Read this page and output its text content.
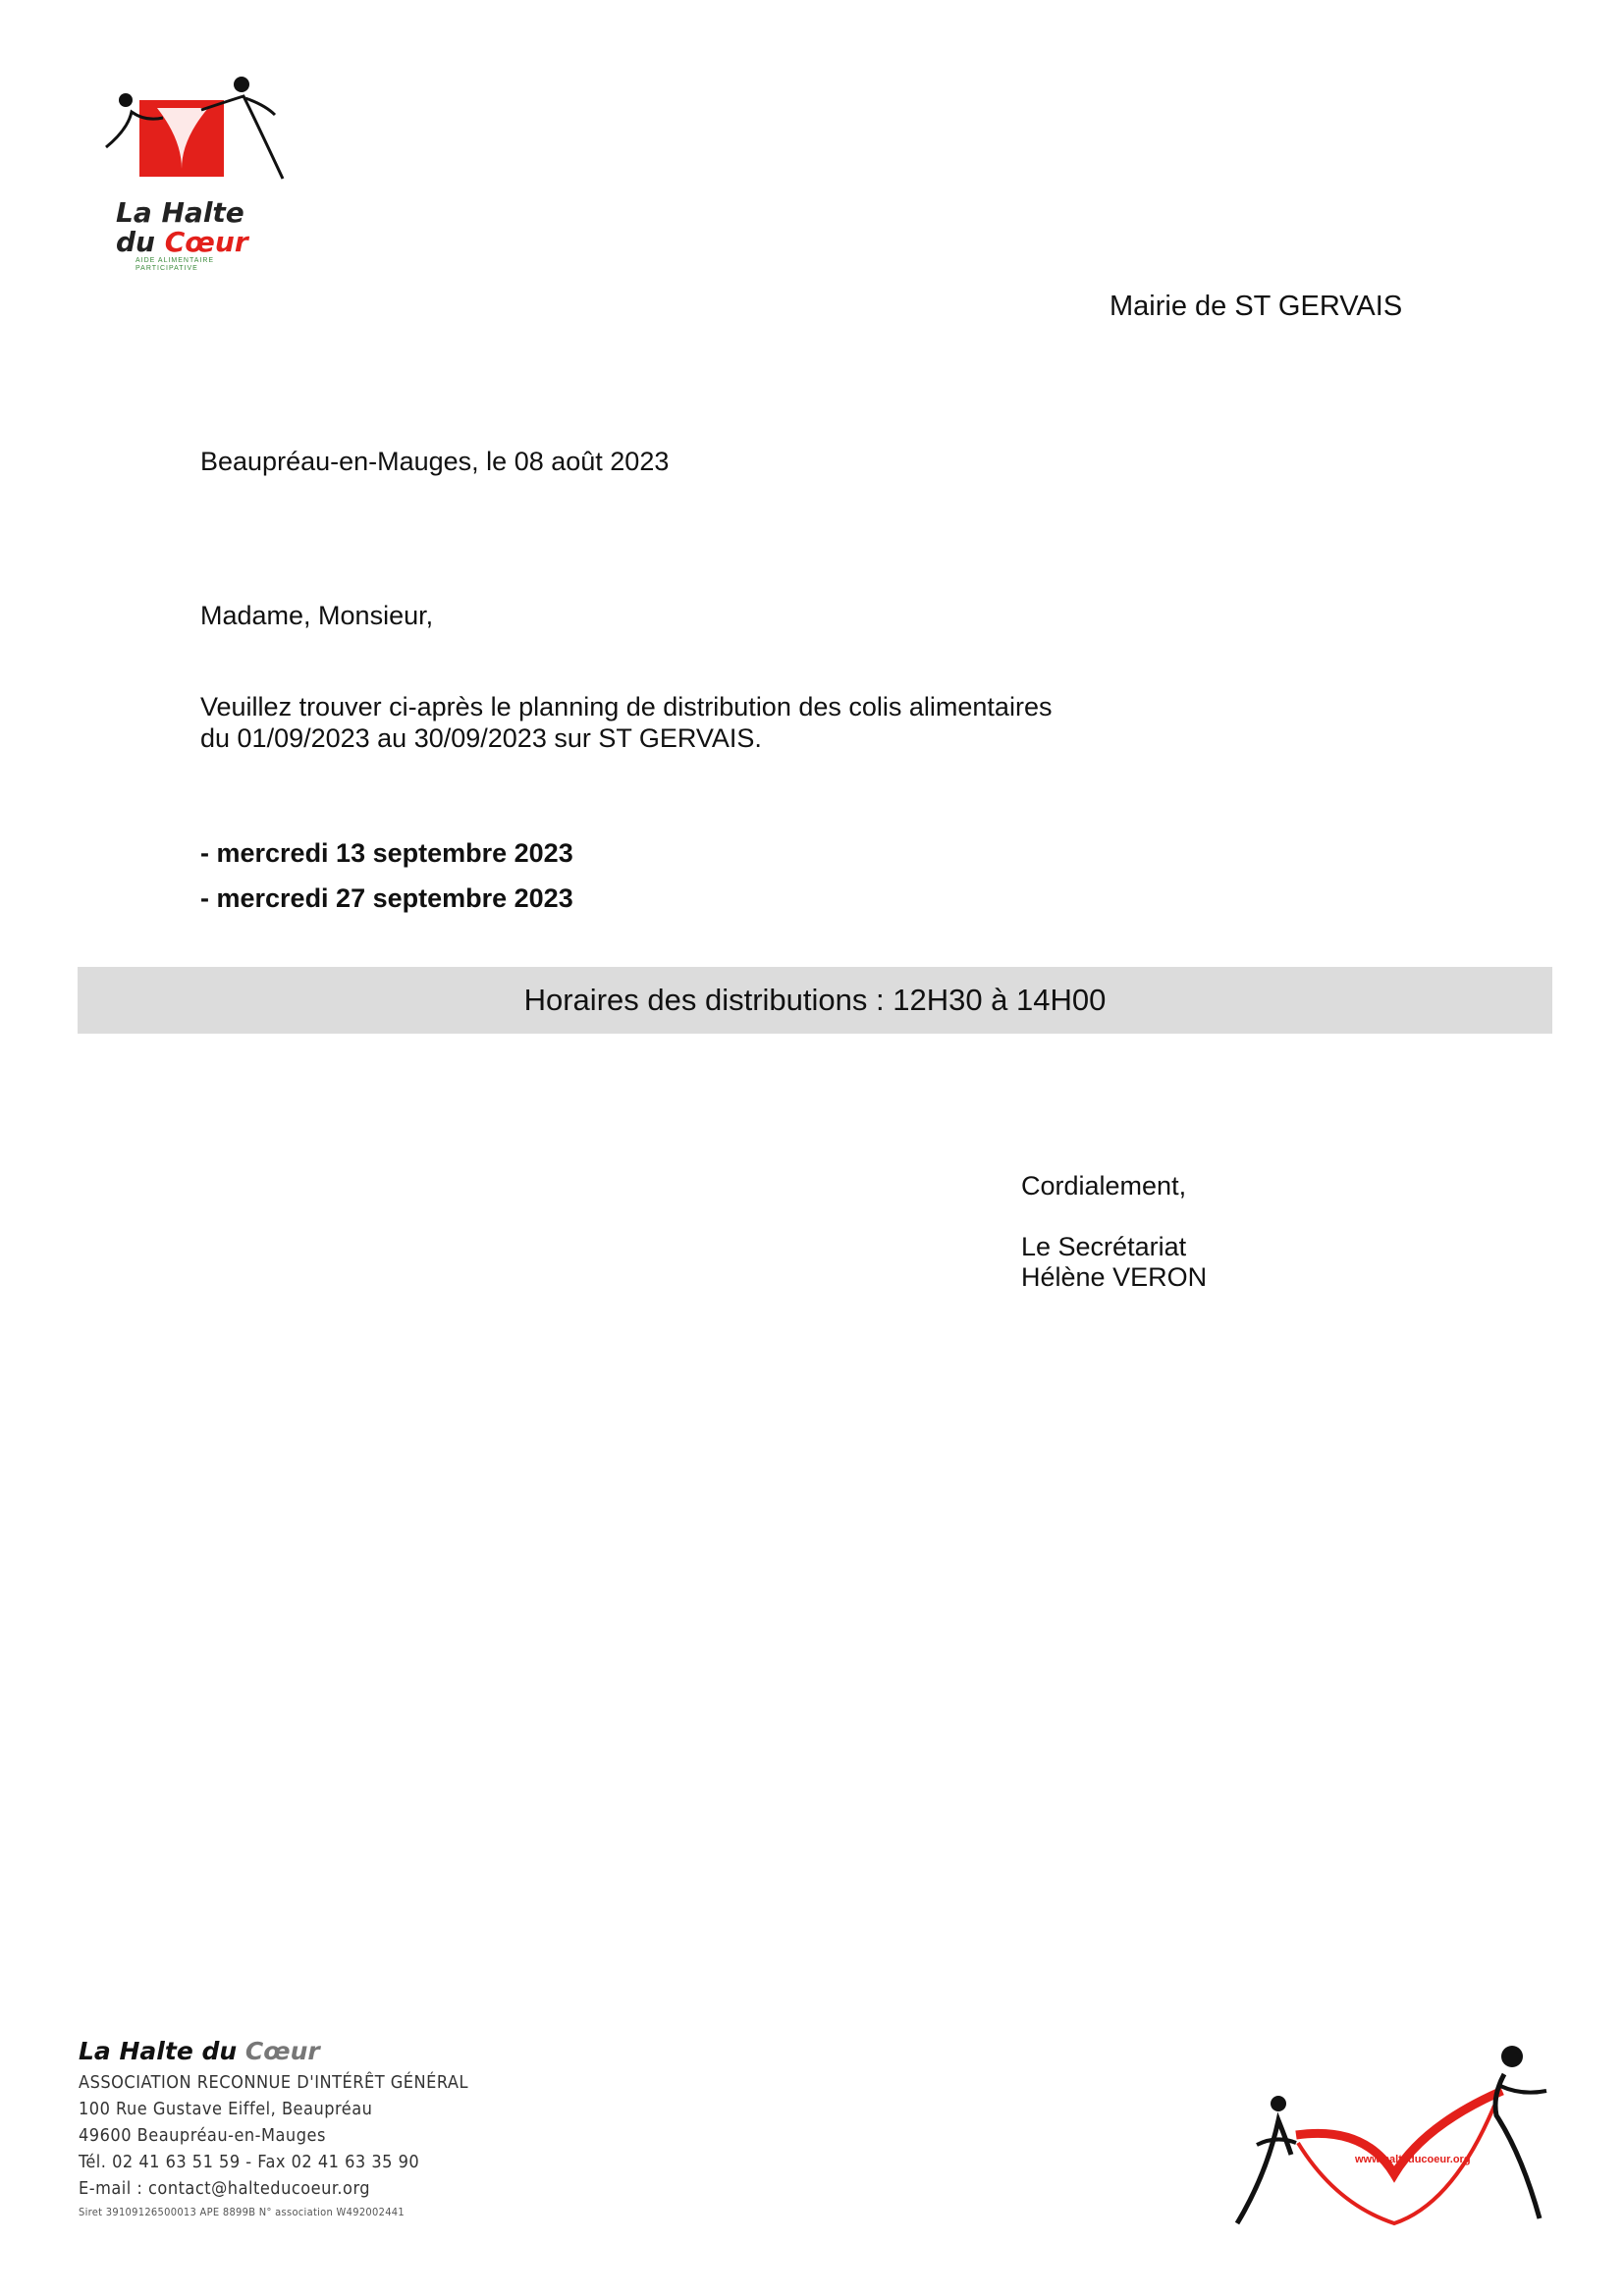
La Halte
du Cœur
AIDE ALIMENTAIRE
PARTICIPATIVE
Mairie de ST GERVAIS
Beaupréau-en-Mauges, le 08 août 2023
Madame, Monsieur,
Veuillez trouver ci-après le planning de distribution des colis alimentaires
du 01/09/2023 au 30/09/2023 sur ST GERVAIS.
- mercredi 13 septembre 2023
- mercredi 27 septembre 2023
Horaires des distributions : 12H30 à 14H00
Cordialement,
Le Secrétariat
Hélène VERON
La Halte du Cœur
ASSOCIATION RECONNUE D'INTÉRÊT GÉNÉRAL
100 Rue Gustave Eiffel, Beaupréau
49600 Beaupréau-en-Mauges
Tél. 02 41 63 51 59 - Fax 02 41 63 35 90
E-mail : contact@halteducoeur.org
Siret 39109126500013 APE 8899B N° association W492002441
www.halteducoeur.org
